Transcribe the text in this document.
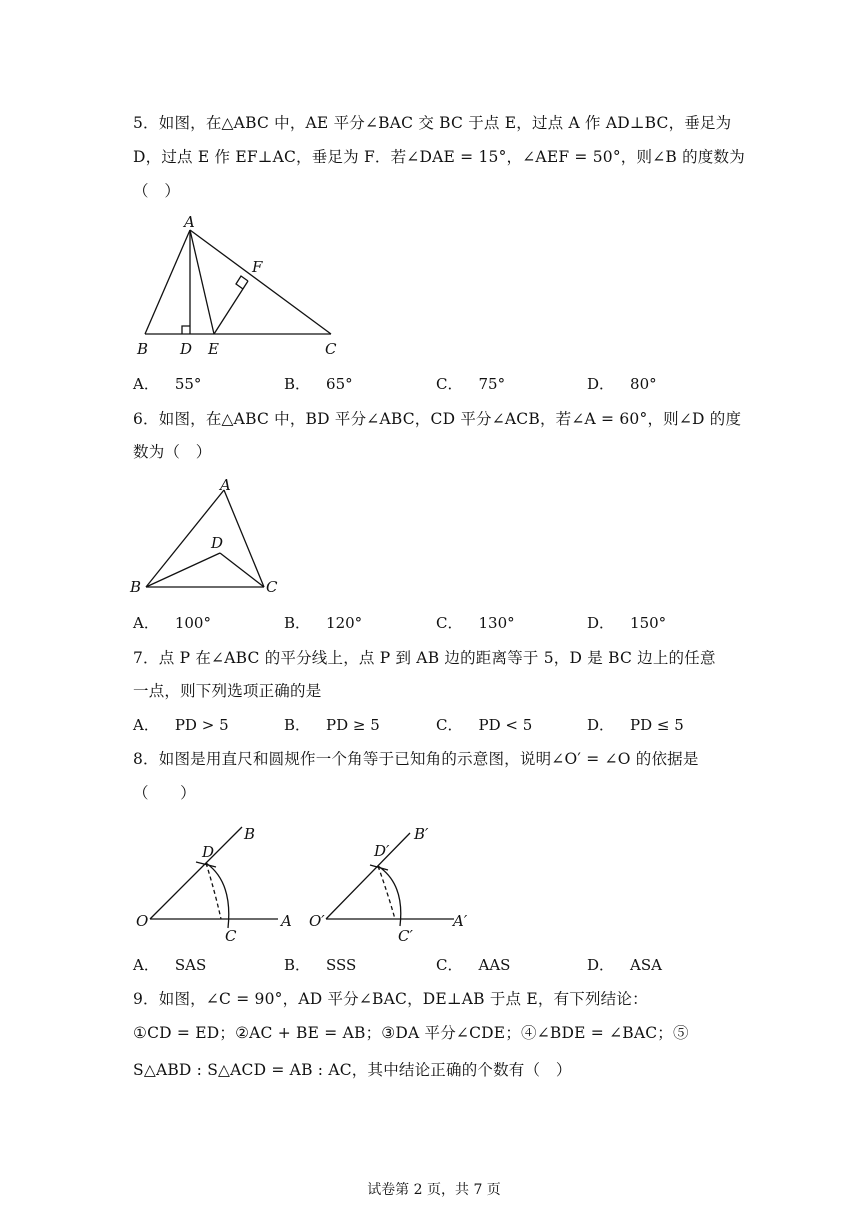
5．如图，在△ABC 中，AE 平分∠BAC 交 BC 于点 E，过点 A 作 AD⊥BC，垂足为
D，过点 E 作 EF⊥AC，垂足为 F．若∠DAE = 15°，∠AEF = 50°，则∠B 的度数为
（　）
A
F
B D E	C
A． 55°	B． 65°	C． 75°	D． 80°
6．如图，在△ABC 中，BD 平分∠ABC，CD 平分∠ACB，若∠A = 60°，则∠D 的度
数为（　）
A
D
B	C
A． 100°	B． 120°	C． 130°	D． 150°
7．点 P 在∠ABC 的平分线上，点 P 到 AB 边的距离等于 5，D 是 BC 边上的任意
一点，则下列选项正确的是
A． PD > 5	B． PD ≥ 5	C． PD < 5	D． PD ≤ 5
8．如图是用直尺和圆规作一个角等于已知角的示意图，说明∠O′ = ∠O 的依据是
（　　）
B
D
O	A
C
B′
D′
O′	A′
C′
A． SAS	B． SSS	C． AAS	D． ASA
9．如图，∠C = 90°，AD 平分∠BAC，DE⊥AB 于点 E，有下列结论：
①CD = ED；②AC + BE = AB；③DA 平分∠CDE；④∠BDE = ∠BAC；⑤
S△ABD : S△ACD = AB : AC，其中结论正确的个数有（　）
试卷第 2 页，共 7 页
